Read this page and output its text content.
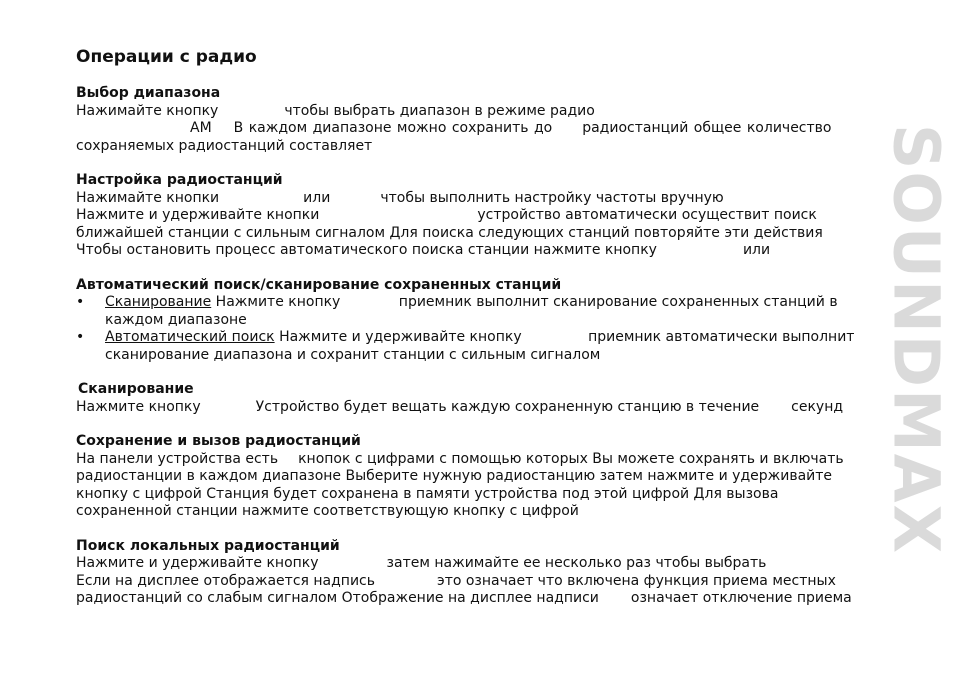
SOUNDMAX
Операции с радио
Выбор диапазона
Нажимайте кнопку	чтобы выбрать диапазон в режиме радио
AM В каждом диапазоне можно сохранить до радиостанций общее количество
сохраняемых радиостанций составляет
Настройка радиостанций
Нажимайте кнопки	или	чтобы выполнить настройку частоты вручную
Нажмите и удерживайте кнопки	устройство автоматически осуществит поиск
ближайшей станции с сильным сигналом Для поиска следующих станций повторяйте эти действия
Чтобы остановить процесс автоматического поиска станции нажмите кнопку	или
Автоматический поиск/сканирование сохраненных станций
• Сканирование Нажмите кнопку	приемник выполнит сканирование сохраненных станций в
каждом диапазоне
• Автоматический поиск Нажмите и удерживайте кнопку	приемник автоматически выполнит
сканирование диапазона и сохранит станции с сильным сигналом
Сканирование
Нажмите кнопку	Устройство будет вещать каждую сохраненную станцию в течение секунд
Сохранение и вызов радиостанций
На панели устройства есть кнопок с цифрами с помощью которых Вы можете сохранять и включать
радиостанции в каждом диапазоне Выберите нужную радиостанцию затем нажмите и удерживайте
кнопку с цифрой Станция будет сохранена в памяти устройства под этой цифрой Для вызова
сохраненной станции нажмите соответствующую кнопку с цифрой
Поиск локальных радиостанций
Нажмите и удерживайте кнопку	затем нажимайте ее несколько раз чтобы выбрать
Если на дисплее отображается надпись	это означает что включена функция приема местных
радиостанций со слабым сигналом Отображение на дисплее надписи означает отключение приема
